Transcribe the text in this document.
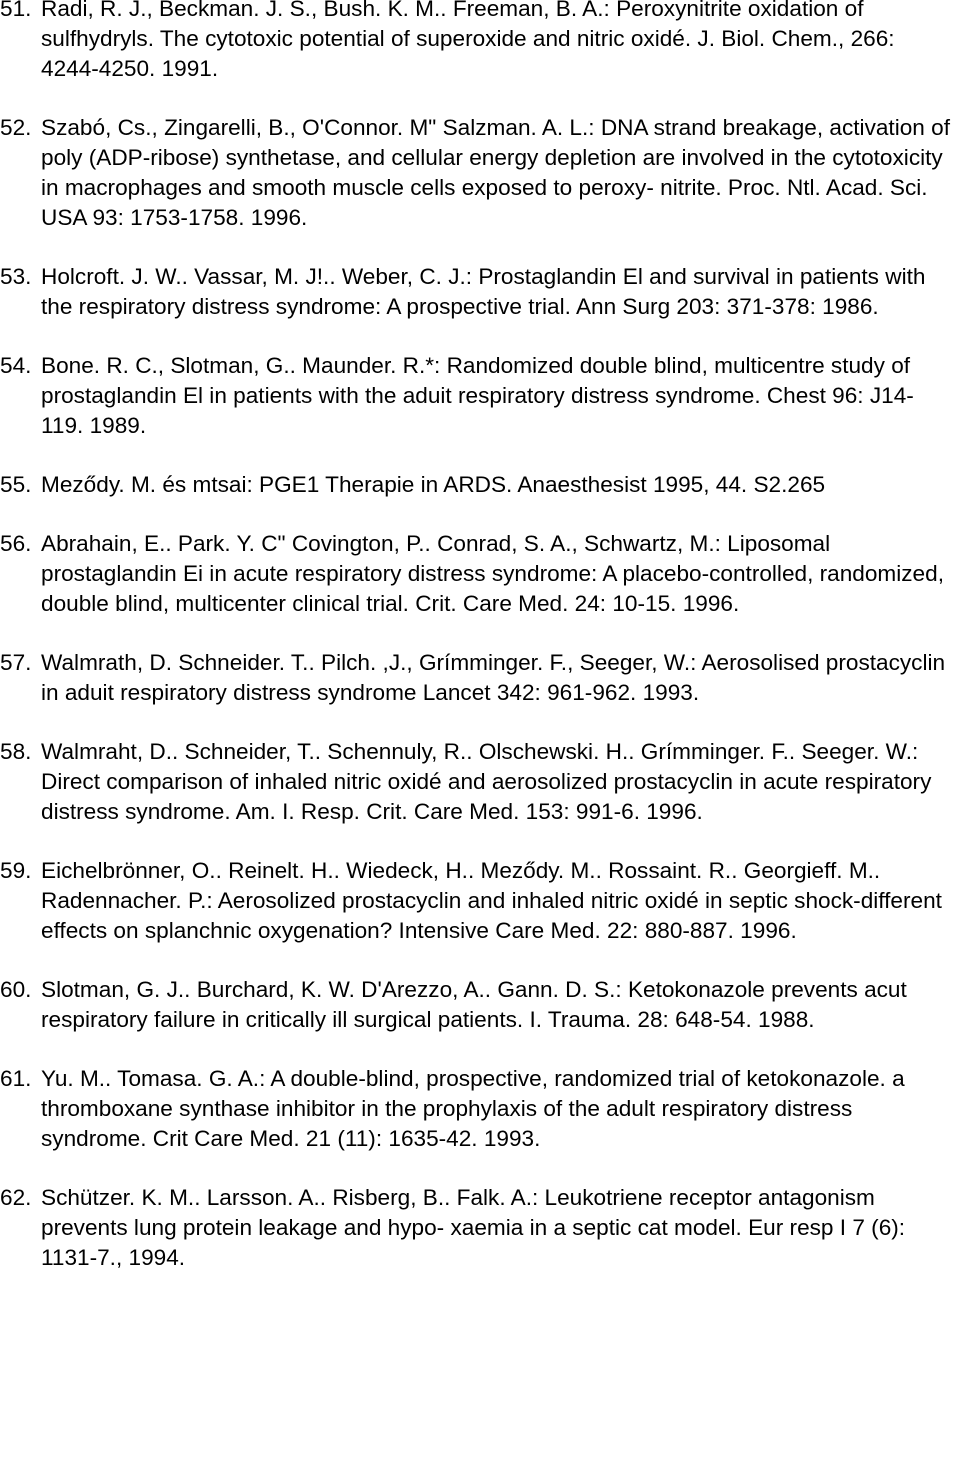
51. Radi, R. J., Beckman. J. S., Bush. K. M.. Freeman, B. A.: Peroxynitrite oxidation of sulfhydryls. The cytotoxic potential of superoxide and nitric oxidé. J. Biol. Chem., 266: 4244-4250. 1991.
52. Szabó, Cs., Zingarelli, B., O'Connor. M" Salzman. A. L.: DNA strand breakage, activation of poly (ADP-ribose) synthetase, and cellular energy depletion are involved in the cytotoxicity in macrophages and smooth muscle cells exposed to peroxy- nitrite. Proc. Ntl. Acad. Sci. USA 93: 1753-1758. 1996.
53. Holcroft. J. W.. Vassar, M. J!.. Weber, C. J.: Prostaglandin El and survival in patients with the respiratory distress syndrome: A prospective trial. Ann Surg 203: 371-378: 1986.
54. Bone. R. C., Slotman, G.. Maunder. R.*: Randomized double blind, multicentre study of prostaglandin El in patients with the aduit respiratory distress syndrome. Chest 96: J14-119. 1989.
55. Meződy. M. és mtsai: PGE1 Therapie in ARDS. Anaesthesist 1995, 44. S2.265
56. Abrahain, E.. Park. Y. C" Covington, P.. Conrad, S. A., Schwartz, M.: Liposomal prostaglandin Ei in acute respiratory distress syndrome: A placebo-controlled, randomized, double blind, multicenter clinical trial. Crit. Care Med. 24: 10-15. 1996.
57. Walmrath, D. Schneider. T.. Pilch. ,J., Grímminger. F., Seeger, W.: Aerosolised prostacyclin in aduit respiratory distress syndrome Lancet 342: 961-962. 1993.
58. Walmraht, D.. Schneider, T.. Schennuly, R.. Olschewski. H.. Grímminger. F.. Seeger. W.: Direct comparison of inhaled nitric oxidé and aerosolized prostacyclin in acute respiratory distress syndrome. Am. I. Resp. Crit. Care Med. 153: 991-6. 1996.
59. Eichelbrönner, O.. Reinelt. H.. Wiedeck, H.. Meződy. M.. Rossaint. R.. Georgieff. M.. Radennacher. P.: Aerosolized prostacyclin and inhaled nitric oxidé in septic shock-different effects on splanchnic oxygenation? Intensive Care Med. 22: 880-887. 1996.
60. Slotman, G. J.. Burchard, K. W. D'Arezzo, A.. Gann. D. S.: Ketokonazole prevents acut respiratory failure in critically ill surgical patients. I. Trauma. 28: 648-54. 1988.
61. Yu. M.. Tomasa. G. A.: A double-blind, prospective, randomized trial of ketokonazole. a thromboxane synthase inhibitor in the prophylaxis of the adult respiratory distress syndrome. Crit Care Med. 21 (11): 1635-42. 1993.
62. Schützer. K. M.. Larsson. A.. Risberg, B.. Falk. A.: Leukotriene receptor antagonism prevents lung protein leakage and hypo- xaemia in a septic cat model. Eur resp I 7 (6): 1131-7., 1994.
